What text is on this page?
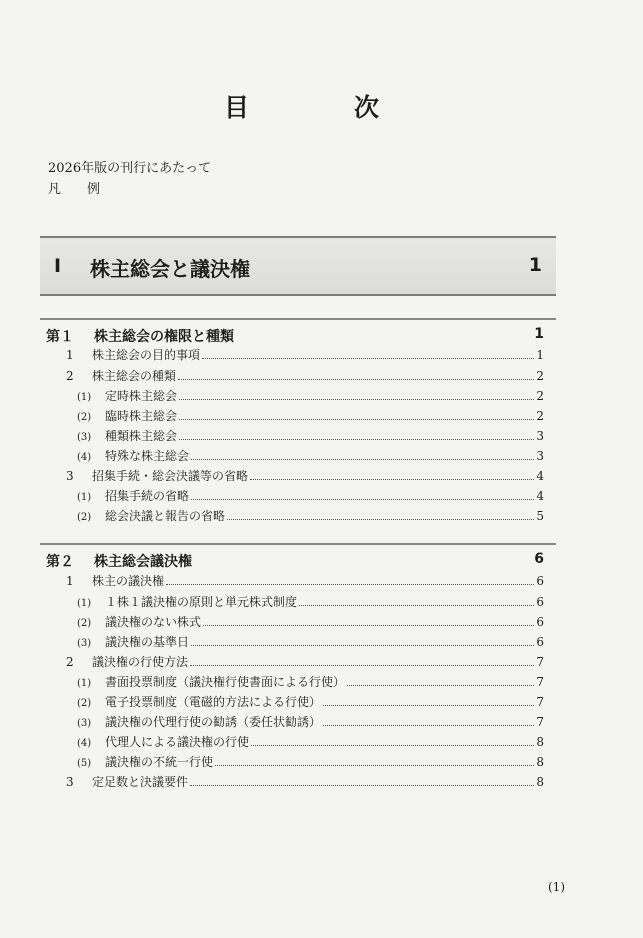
目　次
2026年版の刊行にあたって
凡　　例
I 株主総会と議決権	1
第１ 株主総会の権限と種類	1
1 株主総会の目的事項	1
2 株主総会の種類	2
(1) 定時株主総会	2
(2) 臨時株主総会	2
(3) 種類株主総会	3
(4) 特殊な株主総会	3
3 招集手続・総会決議等の省略	4
(1) 招集手続の省略	4
(2) 総会決議と報告の省略	5
第２ 株主総会議決権	6
1 株主の議決権	6
(1) １株１議決権の原則と単元株式制度	6
(2) 議決権のない株式	6
(3) 議決権の基準日	6
2 議決権の行使方法	7
(1) 書面投票制度（議決権行使書面による行使）	7
(2) 電子投票制度（電磁的方法による行使）	7
(3) 議決権の代理行使の勧誘（委任状勧誘）	7
(4) 代理人による議決権の行使	8
(5) 議決権の不統一行使	8
3 定足数と決議要件	8
(1)
